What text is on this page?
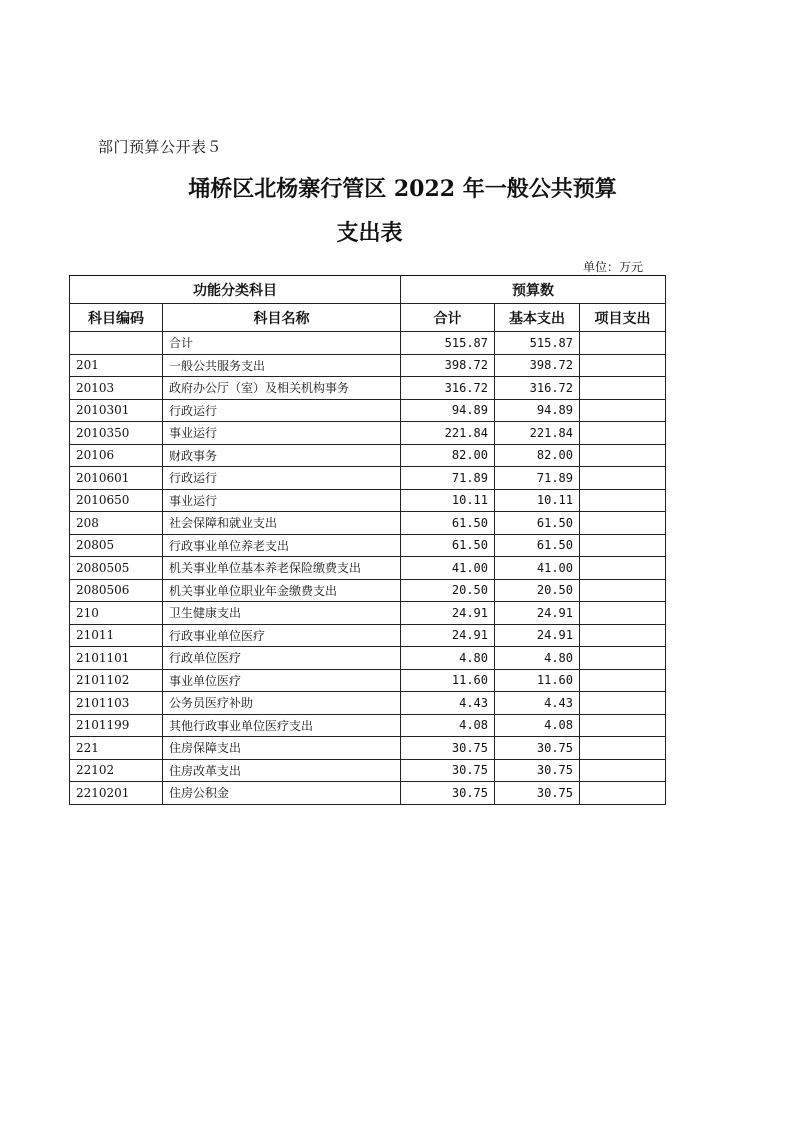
部门预算公开表５
埇桥区北杨寨行管区 2022 年一般公共预算
支出表
单位：万元
功能分类科目		预算数		
科目编码	科目名称	合计	基本支出	项目支出
	合计	515.87	515.87	
201	一般公共服务支出	398.72	398.72	
20103	政府办公厅（室）及相关机构事务	316.72	316.72	
2010301	行政运行	94.89	94.89	
2010350	事业运行	221.84	221.84	
20106	财政事务	82.00	82.00	
2010601	行政运行	71.89	71.89	
2010650	事业运行	10.11	10.11	
208	社会保障和就业支出	61.50	61.50	
20805	行政事业单位养老支出	61.50	61.50	
2080505	机关事业单位基本养老保险缴费支出	41.00	41.00	
2080506	机关事业单位职业年金缴费支出	20.50	20.50	
210	卫生健康支出	24.91	24.91	
21011	行政事业单位医疗	24.91	24.91	
2101101	行政单位医疗	4.80	4.80	
2101102	事业单位医疗	11.60	11.60	
2101103	公务员医疗补助	4.43	4.43	
2101199	其他行政事业单位医疗支出	4.08	4.08	
221	住房保障支出	30.75	30.75	
22102	住房改革支出	30.75	30.75	
2210201	住房公积金	30.75	30.75	
